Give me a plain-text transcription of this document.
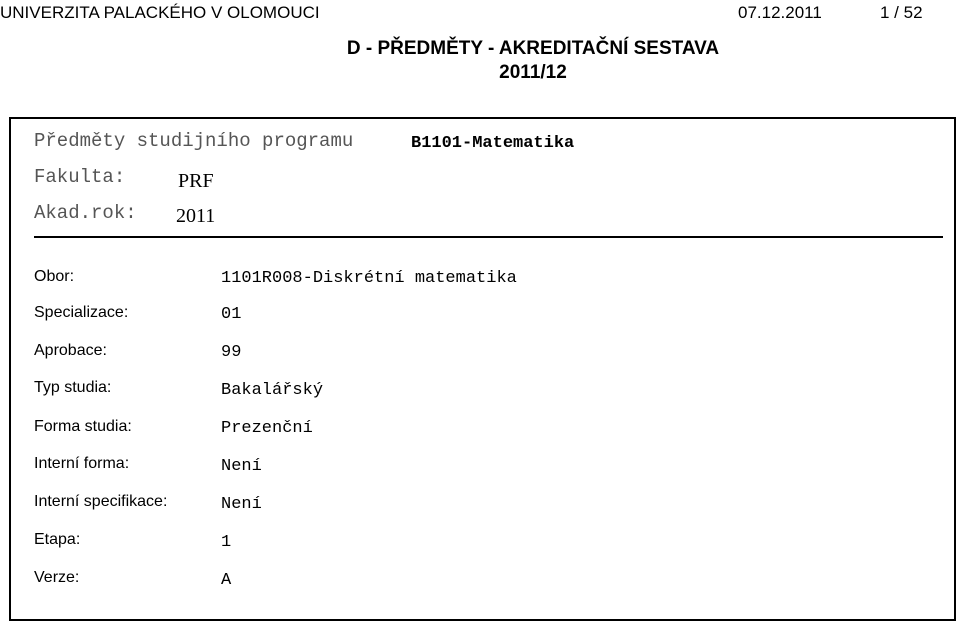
UNIVERZITA PALACKÉHO V OLOMOUCI	07.12.2011	1 / 52
D - PŘEDMĚTY - AKREDITAČNÍ SESTAVA
2011/12
Předměty studijního programu	B1101-Matematika
Fakulta:	PRF
Akad.rok: 2011
Obor:	1101R008-Diskrétní matematika
Specializace:	01
Aprobace:	99
Typ studia:	Bakalářský
Forma studia:	Prezenční
Interní forma:	Není
Interní specifikace:	Není
Etapa:	1
Verze:	A
